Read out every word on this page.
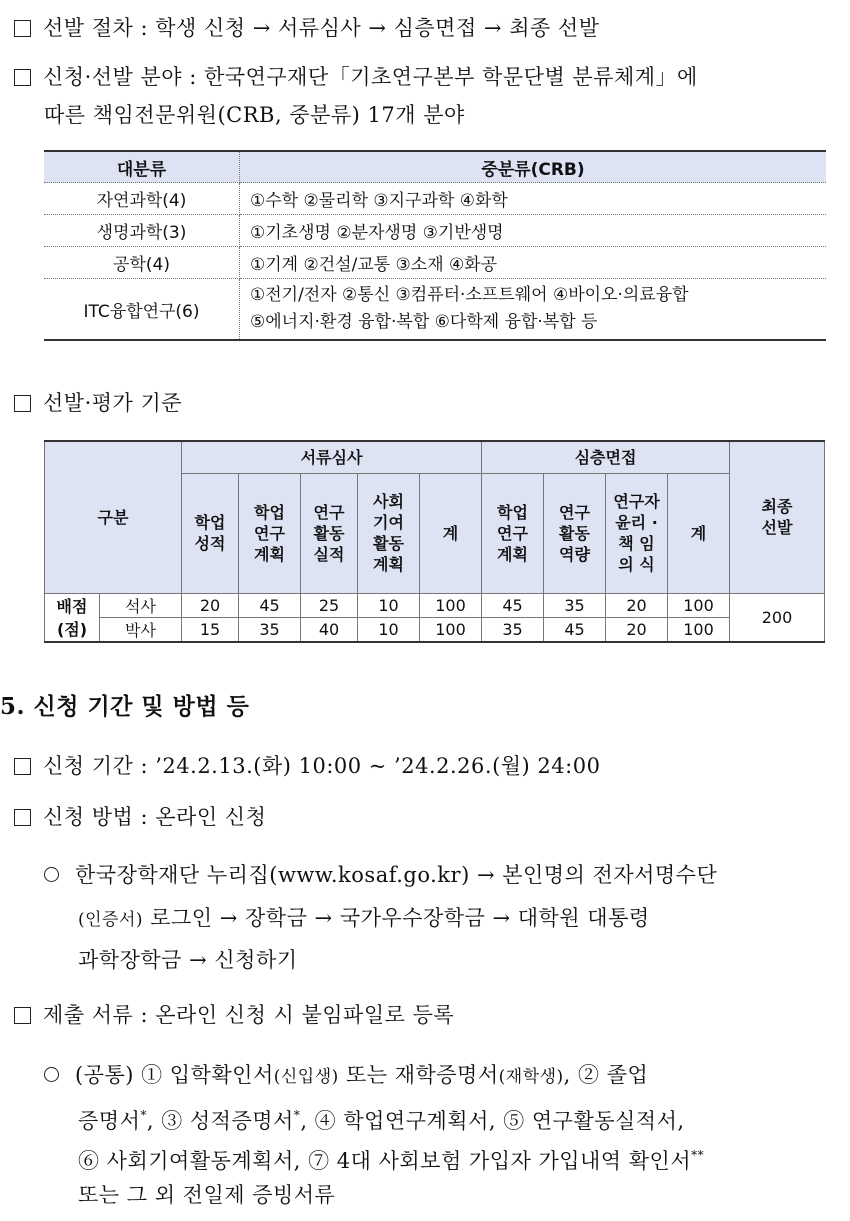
선발 절차 : 학생 신청 → 서류심사 → 심층면접 → 최종 선발
신청·선발 분야 : 한국연구재단「기초연구본부 학문단별 분류체계」에
따른 책임전문위원(CRB, 중분류) 17개 분야
대분류	중분류(CRB)
자연과학(4)	①수학 ②물리학 ③지구과학 ④화학
생명과학(3)	①기초생명 ②분자생명 ③기반생명
공학(4)	①기계 ②건설/교통 ③소재 ④화공
ITC융합연구(6)	①전기/전자 ②통신 ③컴퓨터·소프트웨어 ④바이오·의료융합
⑤에너지·환경 융합·복합 ⑥다학제 융합·복합 등
선발·평가 기준
구분		서류심사					심층면접				최종 선발

		학업 성적	학업 연구 계획	연구 활동 실적	사회 기여 활동 계획	계	학업 연구 계획	연구 활동 역량	연구자 윤리 · 책 임 의 식	계	

배점 (점)	석사	20	45	25	10	100	45	35	20	100	200
	박사	15	35	40	10	100	35	45	20	100	
5. 신청 기간 및 방법 등
신청 기간 : ’24.2.13.(화) 10:00 ~ ’24.2.26.(월) 24:00
신청 방법 : 온라인 신청
한국장학재단 누리집(www.kosaf.go.kr) → 본인명의 전자서명수단
(인증서) 로그인 → 장학금 → 국가우수장학금 → 대학원 대통령
과학장학금 → 신청하기
제출 서류 : 온라인 신청 시 붙임파일로 등록
(공통) ① 입학확인서(신입생) 또는 재학증명서(재학생), ② 졸업
증명서*, ③ 성적증명서*, ④ 학업연구계획서, ⑤ 연구활동실적서,
⑥ 사회기여활동계획서, ⑦ 4대 사회보험 가입자 가입내역 확인서**
또는 그 외 전일제 증빙서류
